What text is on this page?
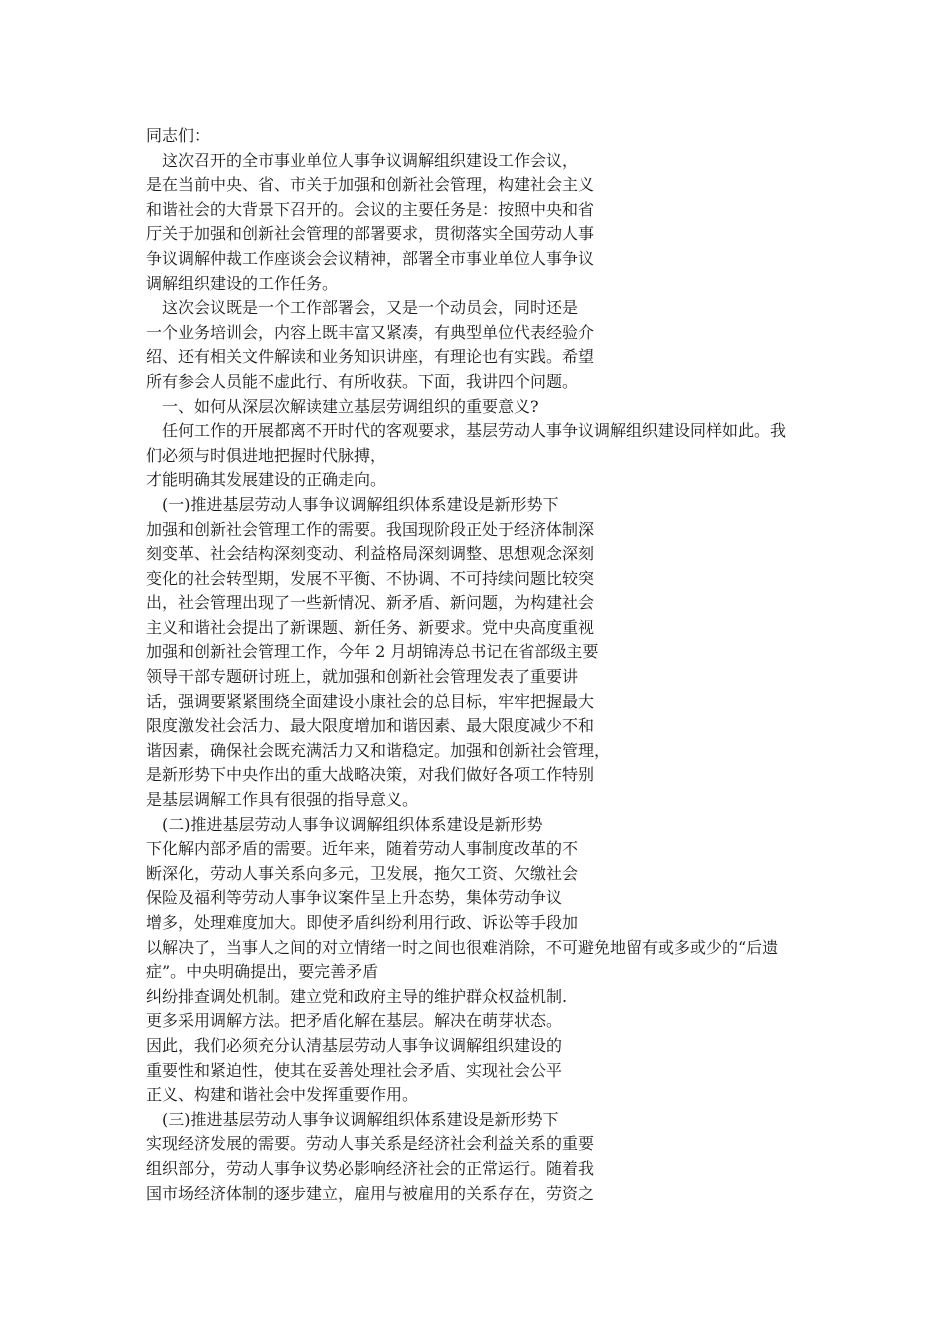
同志们：
　这次召开的全市事业单位人事争议调解组织建设工作会议，
是在当前中央、省、市关于加强和创新社会管理，构建社会主义
和谐社会的大背景下召开的。会议的主要任务是：按照中央和省
厅关于加强和创新社会管理的部署要求，贯彻落实全国劳动人事
争议调解仲裁工作座谈会会议精神，部署全市事业单位人事争议
调解组织建设的工作任务。
　这次会议既是一个工作部署会，又是一个动员会，同时还是
一个业务培训会，内容上既丰富又紧凑，有典型单位代表经验介
绍、还有相关文件解读和业务知识讲座，有理论也有实践。希望
所有参会人员能不虚此行、有所收获。下面，我讲四个问题。
　一、如何从深层次解读建立基层劳调组织的重要意义?
　任何工作的开展都离不开时代的客观要求，基层劳动人事争议调解组织建设同样如此。我
们必须与时俱进地把握时代脉搏，
才能明确其发展建设的正确走向。
　(一)推进基层劳动人事争议调解组织体系建设是新形势下
加强和创新社会管理工作的需要。我国现阶段正处于经济体制深
刻变革、社会结构深刻变动、利益格局深刻调整、思想观念深刻
变化的社会转型期，发展不平衡、不协调、不可持续问题比较突
出，社会管理出现了一些新情况、新矛盾、新问题，为构建社会
主义和谐社会提出了新课题、新任务、新要求。党中央高度重视
加强和创新社会管理工作，今年 2 月胡锦涛总书记在省部级主要
领导干部专题研讨班上，就加强和创新社会管理发表了重要讲
话，强调要紧紧围绕全面建设小康社会的总目标，牢牢把握最大
限度激发社会活力、最大限度增加和谐因素、最大限度减少不和
谐因素，确保社会既充满活力又和谐稳定。加强和创新社会管理，
是新形势下中央作出的重大战略决策，对我们做好各项工作特别
是基层调解工作具有很强的指导意义。
　(二)推进基层劳动人事争议调解组织体系建设是新形势
下化解内部矛盾的需要。近年来，随着劳动人事制度改革的不
断深化，劳动人事关系向多元，卫发展，拖欠工资、欠缴社会
保险及福利等劳动人事争议案件呈上升态势，集体劳动争议
增多，处理难度加大。即使矛盾纠纷利用行政、诉讼等手段加
以解决了，当事人之间的对立情绪一时之间也很难消除，不可避免地留有或多或少的“后遗
症”。中央明确提出，要完善矛盾
纠纷排查调处机制。建立党和政府主导的维护群众权益机制.
更多采用调解方法。把矛盾化解在基层。解决在萌芽状态。
因此，我们必须充分认清基层劳动人事争议调解组织建设的
重要性和紧迫性，使其在妥善处理社会矛盾、实现社会公平
正义、构建和谐社会中发挥重要作用。
　(三)推进基层劳动人事争议调解组织体系建设是新形势下
实现经济发展的需要。劳动人事关系是经济社会利益关系的重要
组织部分，劳动人事争议势必影响经济社会的正常运行。随着我
国市场经济体制的逐步建立，雇用与被雇用的关系存在，劳资之
